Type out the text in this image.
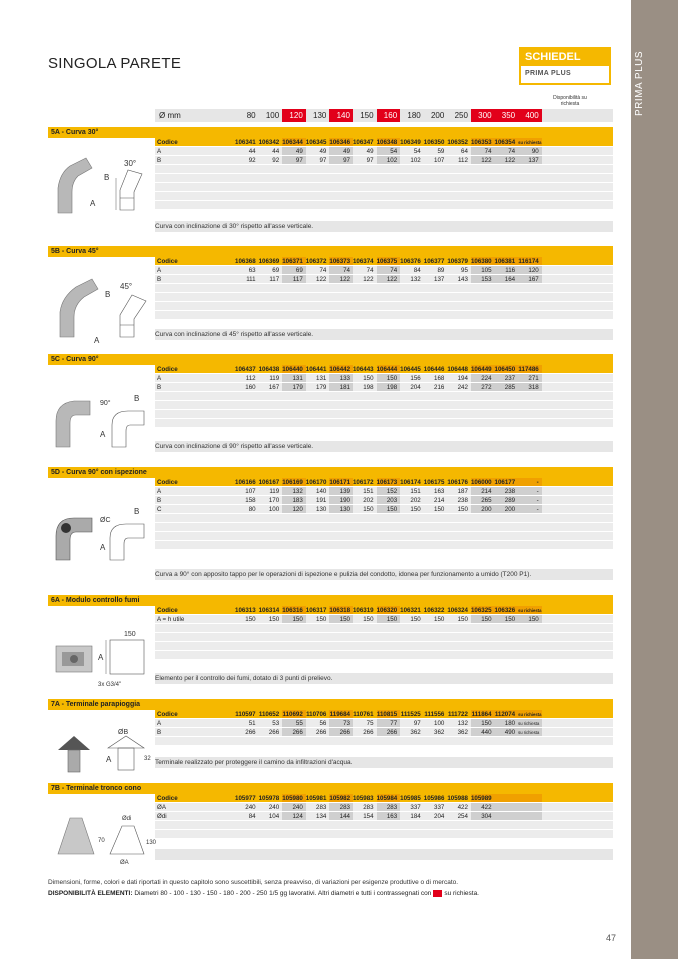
PRIMA PLUS
SINGOLA PARETE	SCHIEDEL
PRIMA PLUS
Disponibilità su richiesta
Ø mm	80	100	120	130	140	150	160	180	200	250	300	350	400
5A - Curva 30°
30°
B
A
Codice	106341 106342 106344 106345 106346 106347 106348 106349 106350 106352 106353 106354 su richiesta
A	44	44	49	49	49	49	54	54	59	64	74	74	90
B	92	92	97	97	97	97	102	102	107	112	122	122	137
Curva con inclinazione di 30° rispetto all'asse verticale.
5B - Curva 45°
45°
B
A
Codice	106368 106369 106371 106372 106373 106374 106375 106376 106377 106379 106380 106381 116174
A	63	69	69	74	74	74	74	84	89	95	105	116	120
B	111	117	117	122	122	122	122	132	137	143	153	164	167
Curva con inclinazione di 45° rispetto all'asse verticale.
5C - Curva 90°
90°
B
A
Codice	106437 106438 106440 106441 106442 106443 106444 106445 106446 106448 106449 106450 117486
A	112	119	131	131	133	150	150	156	168	194	224	237	271
B	160	167	179	179	181	198	198	204	216	242	272	285	318
Curva con inclinazione di 90° rispetto all'asse verticale.
5D - Curva 90° con ispezione
ØC
B
A
Codice	106166 106167 106169 106170 106171 106172 106173 106174 106175 106176 106000 106177	-
A	107	119	132	140	139	151	152	151	163	187	214	238	-
B	158	170	183	191	190	202	203	202	214	238	265	289	-
C	80	100	120	130	130	150	150	150	150	150	200	200	-
Curva a 90° con apposito tappo per le operazioni di ispezione e pulizia del condotto, idonea per funzionamento a umido (T200 P1).
6A - Modulo controllo fumi
150
A
3x G3/4"
Codice	106313 106314 106316 106317 106318 106319 106320 106321 106322 106324 106325 106326 su richiesta
A = h utile	150	150	150	150	150	150	150	150	150	150	150	150	150
Elemento per il controllo dei fumi, dotato di 3 punti di prelievo.
7A - Terminale parapioggia
ØB
A	32
Codice	110597 110652 110692 110706 119684 110761 110815 111525 111556 111722 111864 112074 su richiesta
A	51	53	55	56	73	75	77	97	100	132	150	180 su richiesta
B	266	266	266	266	266	266	266	362	362	362	440	490 su richiesta
Terminale realizzato per proteggere il camino da infiltrazioni d'acqua.
7B - Terminale tronco cono
Ødi
ØA
70	130
Codice	105977 105978 105980 105981 105982 105983 105984 105985 105986 105988 105989
ØA	240	240	240	283	283	283	283	337	337	422	422
Ødi	84	104	124	134	144	154	163	184	204	254	304
Dimensioni, forme, colori e dati riportati in questo capitolo sono suscettibili, senza preavviso, di variazioni per esigenze produttive o di mercato.
DISPONIBILITÀ ELEMENTI: Diametri 80 - 100 - 130 - 150 - 180 - 200 - 250 1/5 gg lavorativi. Altri diametri e tutti i contrassegnati con su richiesta.
47
